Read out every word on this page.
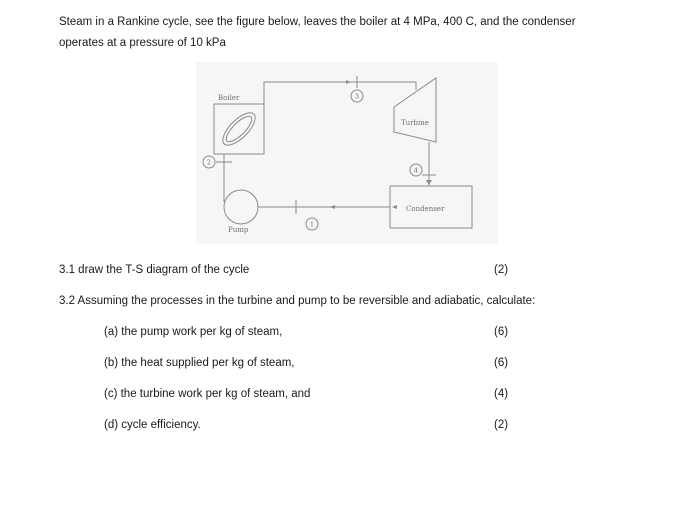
Steam in a Rankine cycle, see the figure below, leaves the boiler at 4 MPa, 400 C, and the condenser
operates at a pressure of 10 kPa
Boiler
Turbine
Condenser
Pump
1
2
3
4
3.1 draw the T-S diagram of the cycle	(2)
3.2 Assuming the processes in the turbine and pump to be reversible and adiabatic, calculate:
(a) the pump work per kg of steam,	(6)
(b) the heat supplied per kg of steam,	(6)
(c) the turbine work per kg of steam, and	(4)
(d) cycle efficiency.	(2)
